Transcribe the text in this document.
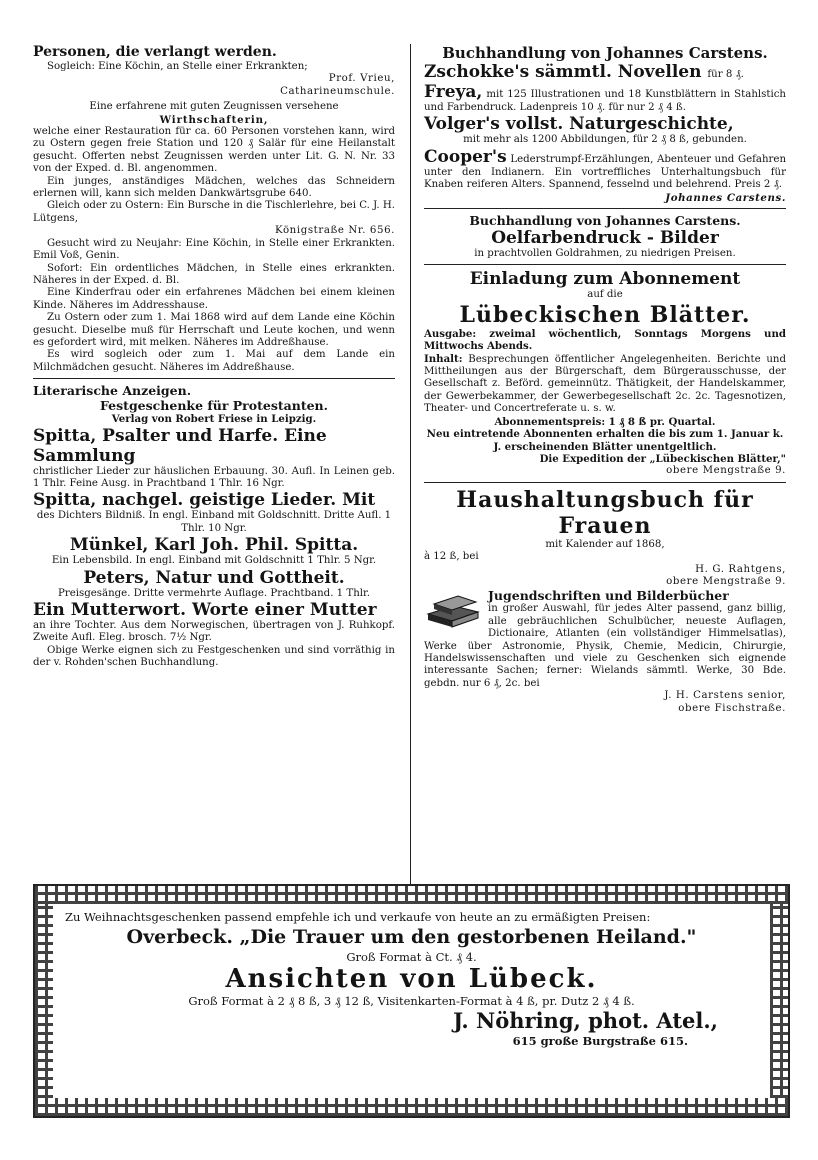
Personen, die verlangt werden.

Sogleich: Eine Köchin, an Stelle einer Erkrankten;

Prof. Vrieu,

Catharineumschule.

Eine erfahrene mit guten Zeugnissen versehene

Wirthschafterin,

welche einer Restauration für ca. 60 Personen vorstehen kann, wird zu Ostern gegen freie Station und 120 ₰ Salär für eine Heilanstalt gesucht. Offerten nebst Zeugnissen werden unter Lit. G. N. Nr. 33 von der Exped. d. Bl. angenommen.

Ein junges, anständiges Mädchen, welches das Schneidern erlernen will, kann sich melden Dankwärtsgrube 640.

Gleich oder zu Ostern: Ein Bursche in die Tischlerlehre, bei C. J. H. Lütgens,

Königstraße Nr. 656.

Gesucht wird zu Neujahr: Eine Köchin, in Stelle einer Erkrankten. Emil Voß, Genin.

Sofort: Ein ordentliches Mädchen, in Stelle eines erkrankten. Näheres in der Exped. d. Bl.

Eine Kinderfrau oder ein erfahrenes Mädchen bei einem kleinen Kinde. Näheres im Addresshause.

Zu Ostern oder zum 1. Mai 1868 wird auf dem Lande eine Köchin gesucht. Dieselbe muß für Herrschaft und Leute kochen, und wenn es gefordert wird, mit melken. Näheres im Addreßhause.

Es wird sogleich oder zum 1. Mai auf dem Lande ein Milchmädchen gesucht. Näheres im Addreßhause.

Literarische Anzeigen.

Festgeschenke für Protestanten.

Verlag von Robert Friese in Leipzig.

Spitta, Psalter und Harfe. Eine Sammlung

christlicher Lieder zur häuslichen Erbauung. 30. Aufl. In Leinen geb. 1 Thlr. Feine Ausg. in Prachtband 1 Thlr. 16 Ngr.

Spitta, nachgel. geistige Lieder. Mit

des Dichters Bildniß. In engl. Einband mit Goldschnitt. Dritte Aufl. 1 Thlr. 10 Ngr.

Münkel, Karl Joh. Phil. Spitta.

Ein Lebensbild. In engl. Einband mit Goldschnitt 1 Thlr. 5 Ngr.

Peters, Natur und Gottheit.

Preisgesänge. Dritte vermehrte Auflage. Prachtband. 1 Thlr.

Ein Mutterwort. Worte einer Mutter

an ihre Tochter. Aus dem Norwegischen, übertragen von J. Ruhkopf. Zweite Aufl. Eleg. brosch. 7½ Ngr.

Obige Werke eignen sich zu Festgeschenken und sind vorräthig in der v. Rohden'schen Buchhandlung.

Buchhandlung von Johannes Carstens.

Zschokke's sämmtl. Novellen für 8 ₰.

Freya, mit 125 Illustrationen und 18 Kunstblättern in Stahlstich und Farbendruck. Ladenpreis 10 ₰. für nur 2 ₰ 4 ß.

Volger's vollst. Naturgeschichte,

mit mehr als 1200 Abbildungen, für 2 ₰ 8 ß, gebunden.

Cooper's Lederstrumpf-Erzählungen, Abenteuer und Gefahren unter den Indianern. Ein vortreffliches Unterhaltungsbuch für Knaben reiferen Alters. Spannend, fesselnd und belehrend. Preis 2 ₰.

Johannes Carstens.

Buchhandlung von Johannes Carstens.

Oelfarbendruck - Bilder

in prachtvollen Goldrahmen, zu niedrigen Preisen.

Einladung zum Abonnement

auf die

Lübeckischen Blätter.

Ausgabe: zweimal wöchentlich, Sonntags Morgens und Mittwochs Abends.

Inhalt: Besprechungen öffentlicher Angelegenheiten. Berichte und Mittheilungen aus der Bürgerschaft, dem Bürgerausschusse, der Gesellschaft z. Beförd. gemeinnütz. Thätigkeit, der Handelskammer, der Gewerbekammer, der Gewerbegesellschaft 2c. 2c. Tagesnotizen, Theater- und Concertreferate u. s. w.

Abonnementspreis: 1 ₰ 8 ß pr. Quartal.

Neu eintretende Abonnenten erhalten die bis zum 1. Januar k. J. erscheinenden Blätter unentgeltlich.

Die Expedition der „Lübeckischen Blätter,"

obere Mengstraße 9.

Haushaltungsbuch für Frauen

mit Kalender auf 1868,

à 12 ß, bei

H. G. Rahtgens,

obere Mengstraße 9.

Jugendschriften und Bilderbücher

in großer Auswahl, für jedes Alter passend, ganz billig, alle gebräuchlichen Schulbücher, neueste Auflagen, Dictionaire, Atlanten (ein vollständiger Himmelsatlas), Werke über Astronomie, Physik, Chemie, Medicin, Chirurgie, Handelswissenschaften und viele zu Geschenken sich eignende interessante Sachen; ferner: Wielands sämmtl. Werke, 30 Bde. gebdn. nur 6 ₰, 2c. bei

J. H. Carstens senior,

obere Fischstraße.

Zu Weihnachtsgeschenken passend empfehle ich und verkaufe von heute an zu ermäßigten Preisen:

Overbeck. „Die Trauer um den gestorbenen Heiland."

Groß Format à Ct. ₰ 4.

Ansichten von Lübeck.

Groß Format à 2 ₰ 8 ß, 3 ₰ 12 ß, Visitenkarten-Format à 4 ß, pr. Dutz 2 ₰ 4 ß.

J. Nöhring, phot. Atel.,

615 große Burgstraße 615.
